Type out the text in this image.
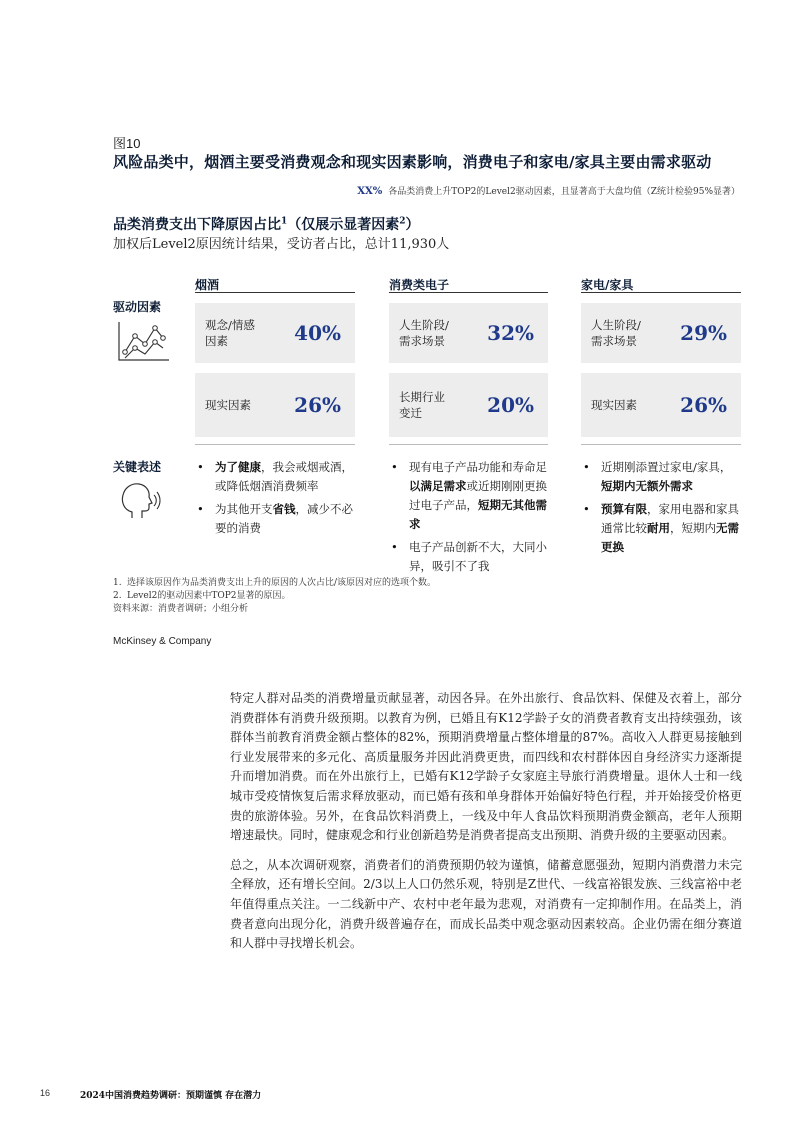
图10
风险品类中，烟酒主要受消费观念和现实因素影响，消费电子和家电/家具主要由需求驱动
XX% 各品类消费上升TOP2的Level2驱动因素，且显著高于大盘均值（Z统计检验95%显著）
品类消费支出下降原因占比$^1$（仅展示显著因素$^2$）
加权后Level2原因统计结果，受访者占比，总计11,930人
烟酒	消费类电子	家电/家具
驱动因素
观念/情感
因素	40%
现实因素 26%
人生阶段/
需求场景 32%
长期行业
变迁	20%
人生阶段/
需求场景 29%
现实因素 26%
关键表述
•	为了健康，我会戒烟戒酒，或降低烟酒消费频率
• 为其他开支省钱，减少不必要的消费
• 现有电子产品功能和寿命足以满足需求或近期刚刚更换过电子产品，短期无其他需求
• 电子产品创新不大，大同小异，吸引不了我
• 近期刚添置过家电/家具，短期内无额外需求
• 预算有限，家用电器和家具通常比较耐用，短期内无需更换
1. 选择该原因作为品类消费支出上升的原因的人次占比/该原因对应的选项个数。
2. Level2的驱动因素中TOP2显著的原因。
资料来源：消费者调研；小组分析
McKinsey & Company

特定人群对品类的消费增量贡献显著，动因各异。在外出旅行、食品饮料、保健及衣着上，部分消费群体有消费升级预期。以教育为例，已婚且有K12学龄子女的消费者教育支出持续强劲，该群体当前教育消费金额占整体的82%，预期消费增量占整体增量的87%。高收入人群更易接触到行业发展带来的多元化、高质量服务并因此消费更贵，而四线和农村群体因自身经济实力逐渐提升而增加消费。而在外出旅行上，已婚有K12学龄子女家庭主导旅行消费增量。退休人士和一线城市受疫情恢复后需求释放驱动，而已婚有孩和单身群体开始偏好特色行程，并开始接受价格更贵的旅游体验。另外，在食品饮料消费上，一线及中年人食品饮料预期消费金额高，老年人预期增速最快。同时，健康观念和行业创新趋势是消费者提高支出预期、消费升级的主要驱动因素。

总之，从本次调研观察，消费者们的消费预期仍较为谨慎，储蓄意愿强劲，短期内消费潜力未完全释放，还有增长空间。2/3以上人口仍然乐观，特别是Z世代、一线富裕银发族、三线富裕中老年值得重点关注。一二线新中产、农村中老年最为悲观，对消费有一定抑制作用。在品类上，消费者意向出现分化，消费升级普遍存在，而成长品类中观念驱动因素较高。企业仍需在细分赛道和人群中寻找增长机会。

16	2024中国消费趋势调研：预期谨慎 存在潜力
